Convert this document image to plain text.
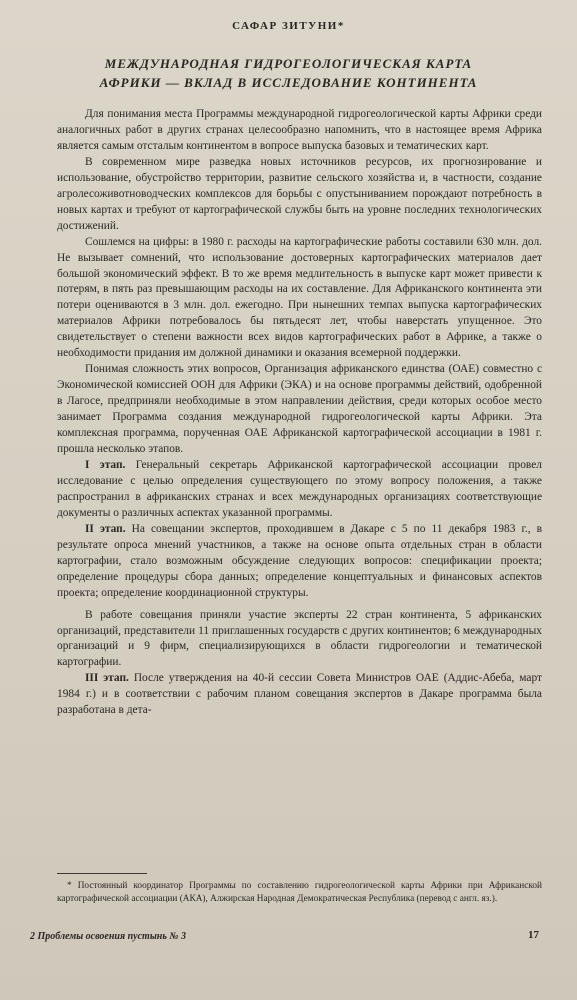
САФАР ЗИТУНИ*
МЕЖДУНАРОДНАЯ ГИДРОГЕОЛОГИЧЕСКАЯ КАРТА
АФРИКИ — ВКЛАД В ИССЛЕДОВАНИЕ КОНТИНЕНТА

Для понимания места Программы международной гидрогеологической карты Африки среди аналогичных работ в других странах целесообразно напомнить, что в настоящее время Африка является самым отсталым континентом в вопросе выпуска базовых и тематических карт.

В современном мире разведка новых источников ресурсов, их прогнозирование и использование, обустройство территории, развитие сельского хозяйства и, в частности, создание агролесоживотноводческих комплексов для борьбы с опустыниванием порождают потребность в новых картах и требуют от картографической службы быть на уровне последних технологических достижений.

Сошлемся на цифры: в 1980 г. расходы на картографические работы составили 630 млн. дол. Не вызывает сомнений, что использование достоверных картографических материалов дает большой экономический эффект. В то же время медлительность в выпуске карт может привести к потерям, в пять раз превышающим расходы на их составление. Для Африканского континента эти потери оцениваются в 3 млн. дол. ежегодно. При нынешних темпах выпуска картографических материалов Африки потребовалось бы пятьдесят лет, чтобы наверстать упущенное. Это свидетельствует о степени важности всех видов картографических работ в Африке, а также о необходимости придания им должной динамики и оказания всемерной поддержки.

Понимая сложность этих вопросов, Организация африканского единства (ОАЕ) совместно с Экономической комиссией ООН для Африки (ЭКА) и на основе программы действий, одобренной в Лагосе, предприняли необходимые в этом направлении действия, среди которых особое место занимает Программа создания международной гидрогеологической карты Африки. Эта комплексная программа, порученная ОАЕ Африканской картографической ассоциации в 1981 г. прошла несколько этапов.

I этап. Генеральный секретарь Африканской картографической ассоциации провел исследование с целью определения существующего по этому вопросу положения, а также распространил в африканских странах и всех международных организациях соответствующие документы о различных аспектах указанной программы.

II этап. На совещании экспертов, проходившем в Дакаре с 5 по 11 декабря 1983 г., в результате опроса мнений участников, а также на основе опыта отдельных стран в области картографии, стало возможным обсуждение следующих вопросов: спецификации проекта; определение процедуры сбора данных; определение концептуальных и финансовых аспектов проекта; определение координационной структуры.

В работе совещания приняли участие эксперты 22 стран континента, 5 африканских организаций, представители 11 приглашенных государств с других континентов; 6 международных организаций и 9 фирм, специализирующихся в области гидрогеологии и тематической картографии.

III этап. После утверждения на 40-й сессии Совета Министров ОАЕ (Аддис-Абеба, март 1984 г.) и в соответствии с рабочим планом совещания экспертов в Дакаре программа была разработана в дета-

* Постоянный координатор Программы по составлению гидрогеологической карты Африки при Африканской картографической ассоциации (АКА), Алжирская Народная Демократическая Республика (перевод с англ. яз.).

2 Проблемы освоения пустынь № 3	17
